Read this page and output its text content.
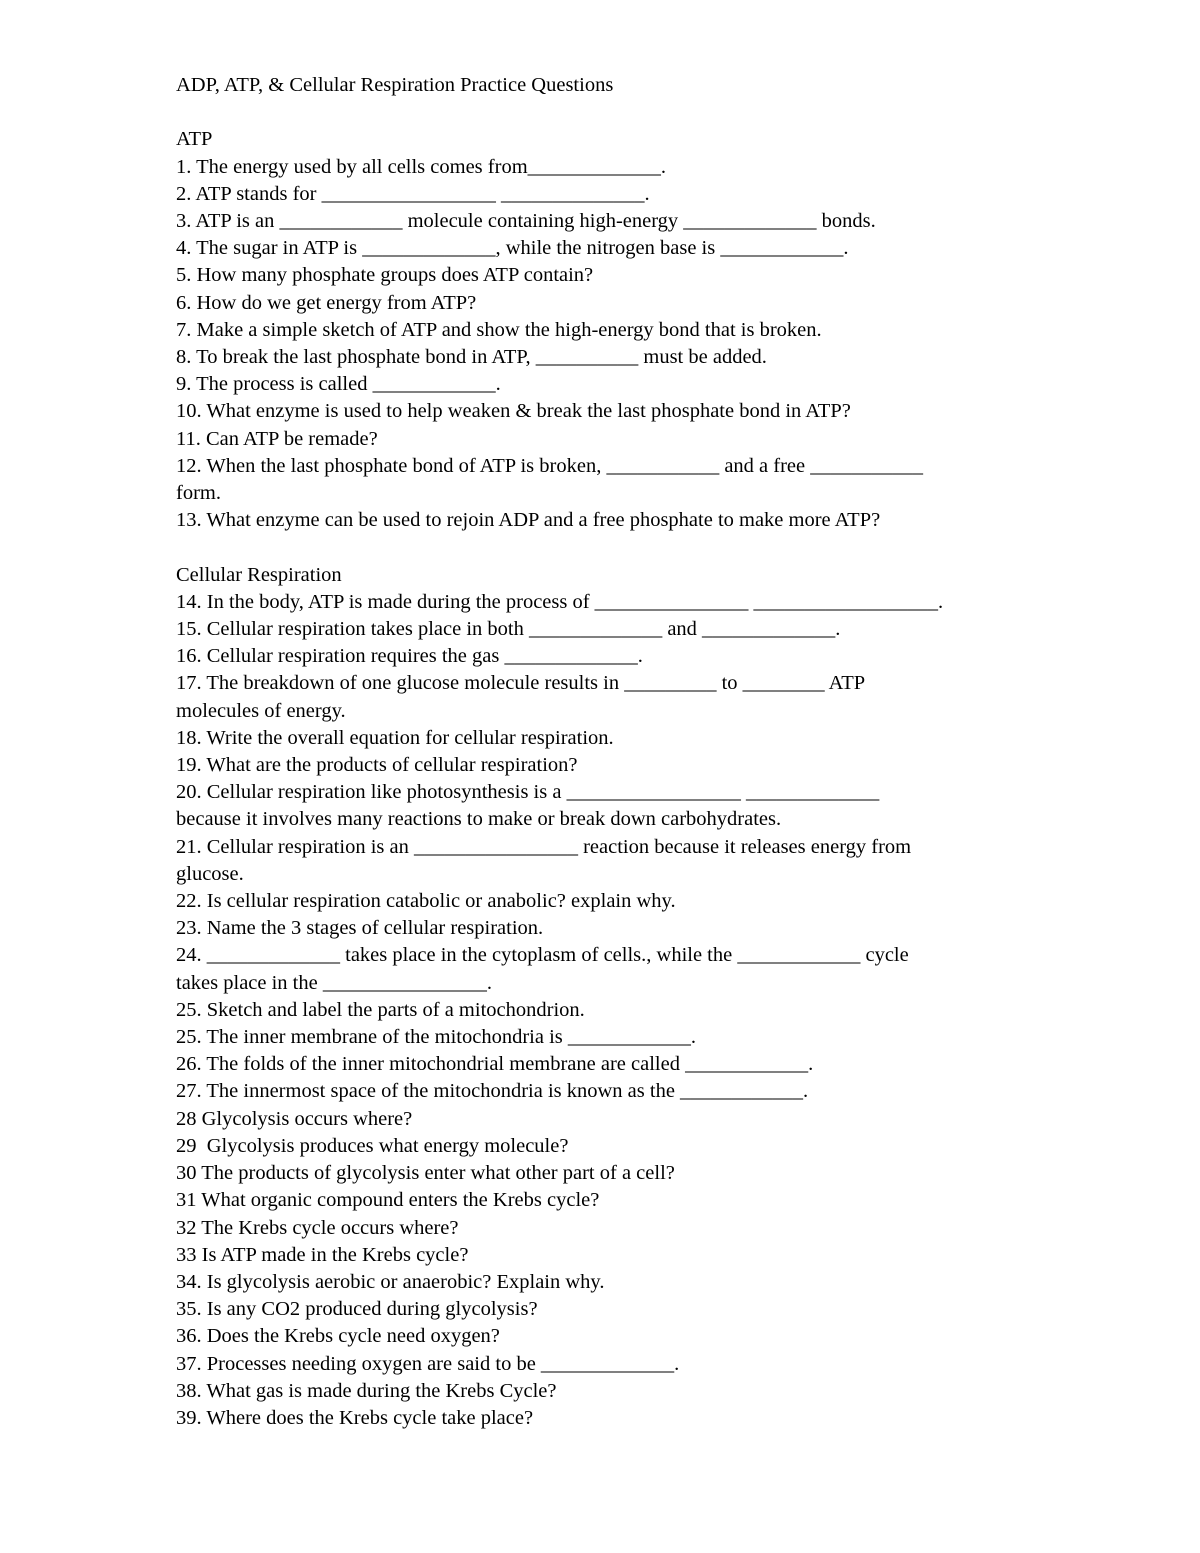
ADP, ATP, & Cellular Respiration Practice Questions
ATP
1. The energy used by all cells comes from_____________.
2. ATP stands for _________________ ______________.
3. ATP is an ____________ molecule containing high-energy _____________ bonds.
4. The sugar in ATP is _____________, while the nitrogen base is ____________.
5. How many phosphate groups does ATP contain?
6. How do we get energy from ATP?
7. Make a simple sketch of ATP and show the high-energy bond that is broken.
8. To break the last phosphate bond in ATP, __________ must be added.
9. The process is called ____________.
10. What enzyme is used to help weaken & break the last phosphate bond in ATP?
11. Can ATP be remade?
12. When the last phosphate bond of ATP is broken, ___________ and a free ___________
form.
13. What enzyme can be used to rejoin ADP and a free phosphate to make more ATP?
Cellular Respiration
14. In the body, ATP is made during the process of _______________ __________________.
15. Cellular respiration takes place in both _____________ and _____________.
16. Cellular respiration requires the gas _____________.
17. The breakdown of one glucose molecule results in _________ to ________ ATP
molecules of energy.
18. Write the overall equation for cellular respiration.
19. What are the products of cellular respiration?
20. Cellular respiration like photosynthesis is a _________________ _____________
because it involves many reactions to make or break down carbohydrates.
21. Cellular respiration is an ________________ reaction because it releases energy from
glucose.
22. Is cellular respiration catabolic or anabolic? explain why.
23. Name the 3 stages of cellular respiration.
24. _____________ takes place in the cytoplasm of cells., while the ____________ cycle
takes place in the ________________.
25. Sketch and label the parts of a mitochondrion.
25. The inner membrane of the mitochondria is ____________.
26. The folds of the inner mitochondrial membrane are called ____________.
27. The innermost space of the mitochondria is known as the ____________.
28 Glycolysis occurs where?
29  Glycolysis produces what energy molecule?
30 The products of glycolysis enter what other part of a cell?
31 What organic compound enters the Krebs cycle?
32 The Krebs cycle occurs where?
33 Is ATP made in the Krebs cycle?
34. Is glycolysis aerobic or anaerobic? Explain why.
35. Is any CO2 produced during glycolysis?
36. Does the Krebs cycle need oxygen?
37. Processes needing oxygen are said to be _____________.
38. What gas is made during the Krebs Cycle?
39. Where does the Krebs cycle take place?
